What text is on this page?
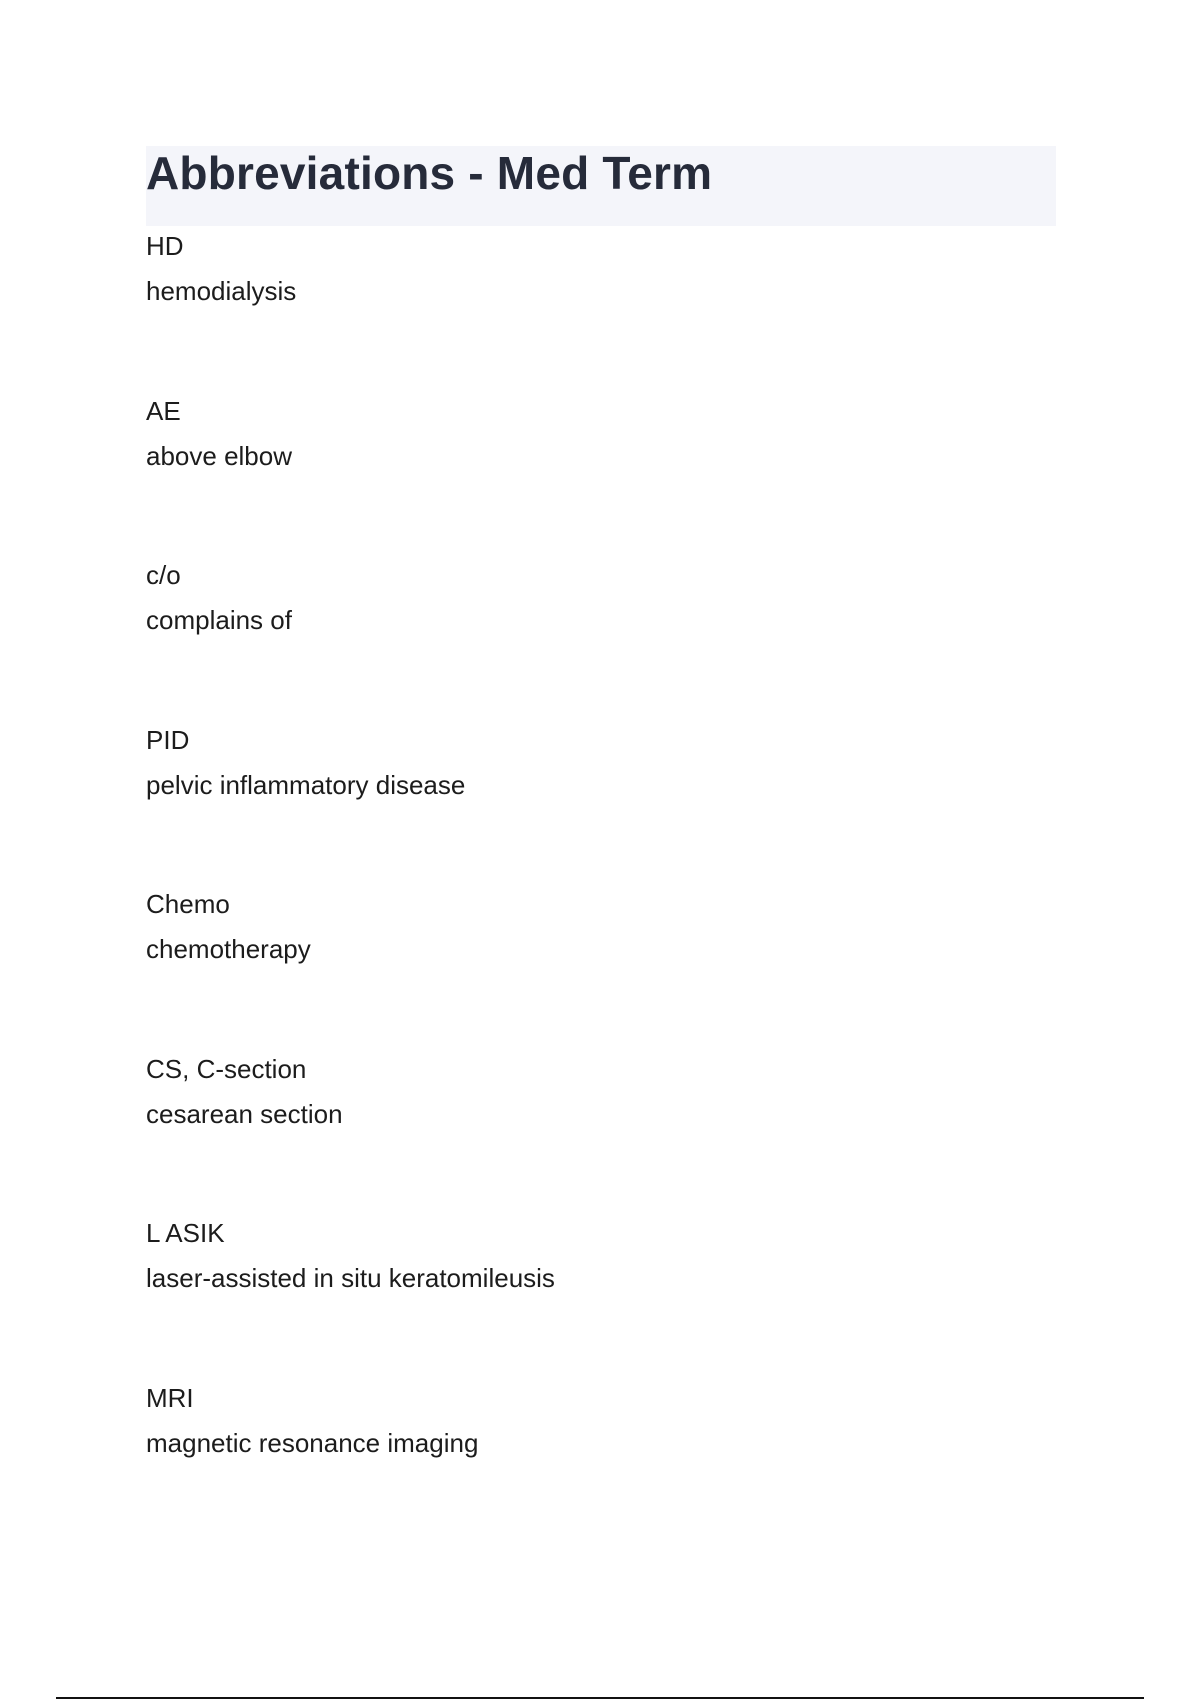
Abbreviations - Med Term
HD
hemodialysis
AE
above elbow
c/o
complains of
PID
pelvic inflammatory disease
Chemo
chemotherapy
CS, C-section
cesarean section
L ASIK
laser-assisted in situ keratomileusis
MRI
magnetic resonance imaging
